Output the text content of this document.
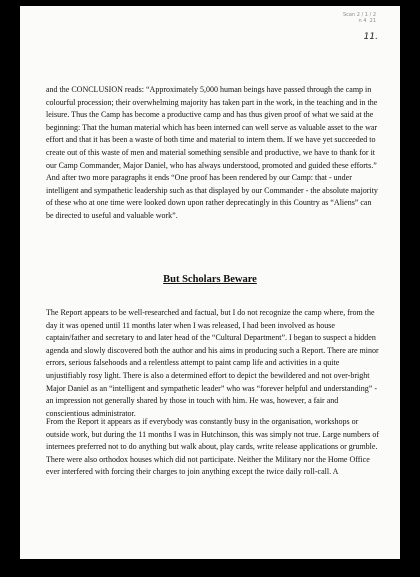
Scan 2 / 1 / 2
n 4  21
11.

and the CONCLUSION reads: “Approximately 5,000 human beings have passed through the camp in colourful procession; their overwhelming majority has taken part in the work, in the teaching and in the leisure. Thus the Camp has become a productive camp and has thus given proof of what we said at the beginning: That the human material which has been interned can well serve as valuable asset to the war effort and that it has been a waste of both time and material to intern them. If we have yet succeeded to create out of this waste of men and material something sensible and productive, we have to thank for it our Camp Commander, Major Daniel, who has always understood, promoted and guided these efforts.” And after two more paragraphs it ends “One proof has been rendered by our Camp: that - under intelligent and sympathetic leadership such as that displayed by our Commander - the absolute majority of these who at one time were looked down upon rather deprecatingly in this Country as “Aliens” can be directed to useful and valuable work”.

But Scholars Beware

The Report appears to be well-researched and factual, but I do not recognize the camp where, from the day it was opened until 11 months later when I was released, I had been involved as house captain/father and secretary to and later head of the “Cultural Department”. I began to suspect a hidden agenda and slowly discovered both the author and his aims in producing such a Report. There are minor errors, serious falsehoods and a relentless attempt to paint camp life and activities in a quite unjustifiably rosy light. There is also a determined effort to depict the bewildered and not over-bright Major Daniel as an “intelligent and sympathetic leader” who was “forever helpful and understanding” - an impression not generally shared by those in touch with him. He was, however, a fair and conscientious administrator.

From the Report it appears as if everybody was constantly busy in the organisation, workshops or outside work, but during the 11 months I was in Hutchinson, this was simply not true. Large numbers of internees preferred not to do anything but walk about, play cards, write release applications or grumble. There were also orthodox houses which did not participate. Neither the Military nor the Home Office ever interfered with forcing their charges to join anything except the twice daily roll-call. A
